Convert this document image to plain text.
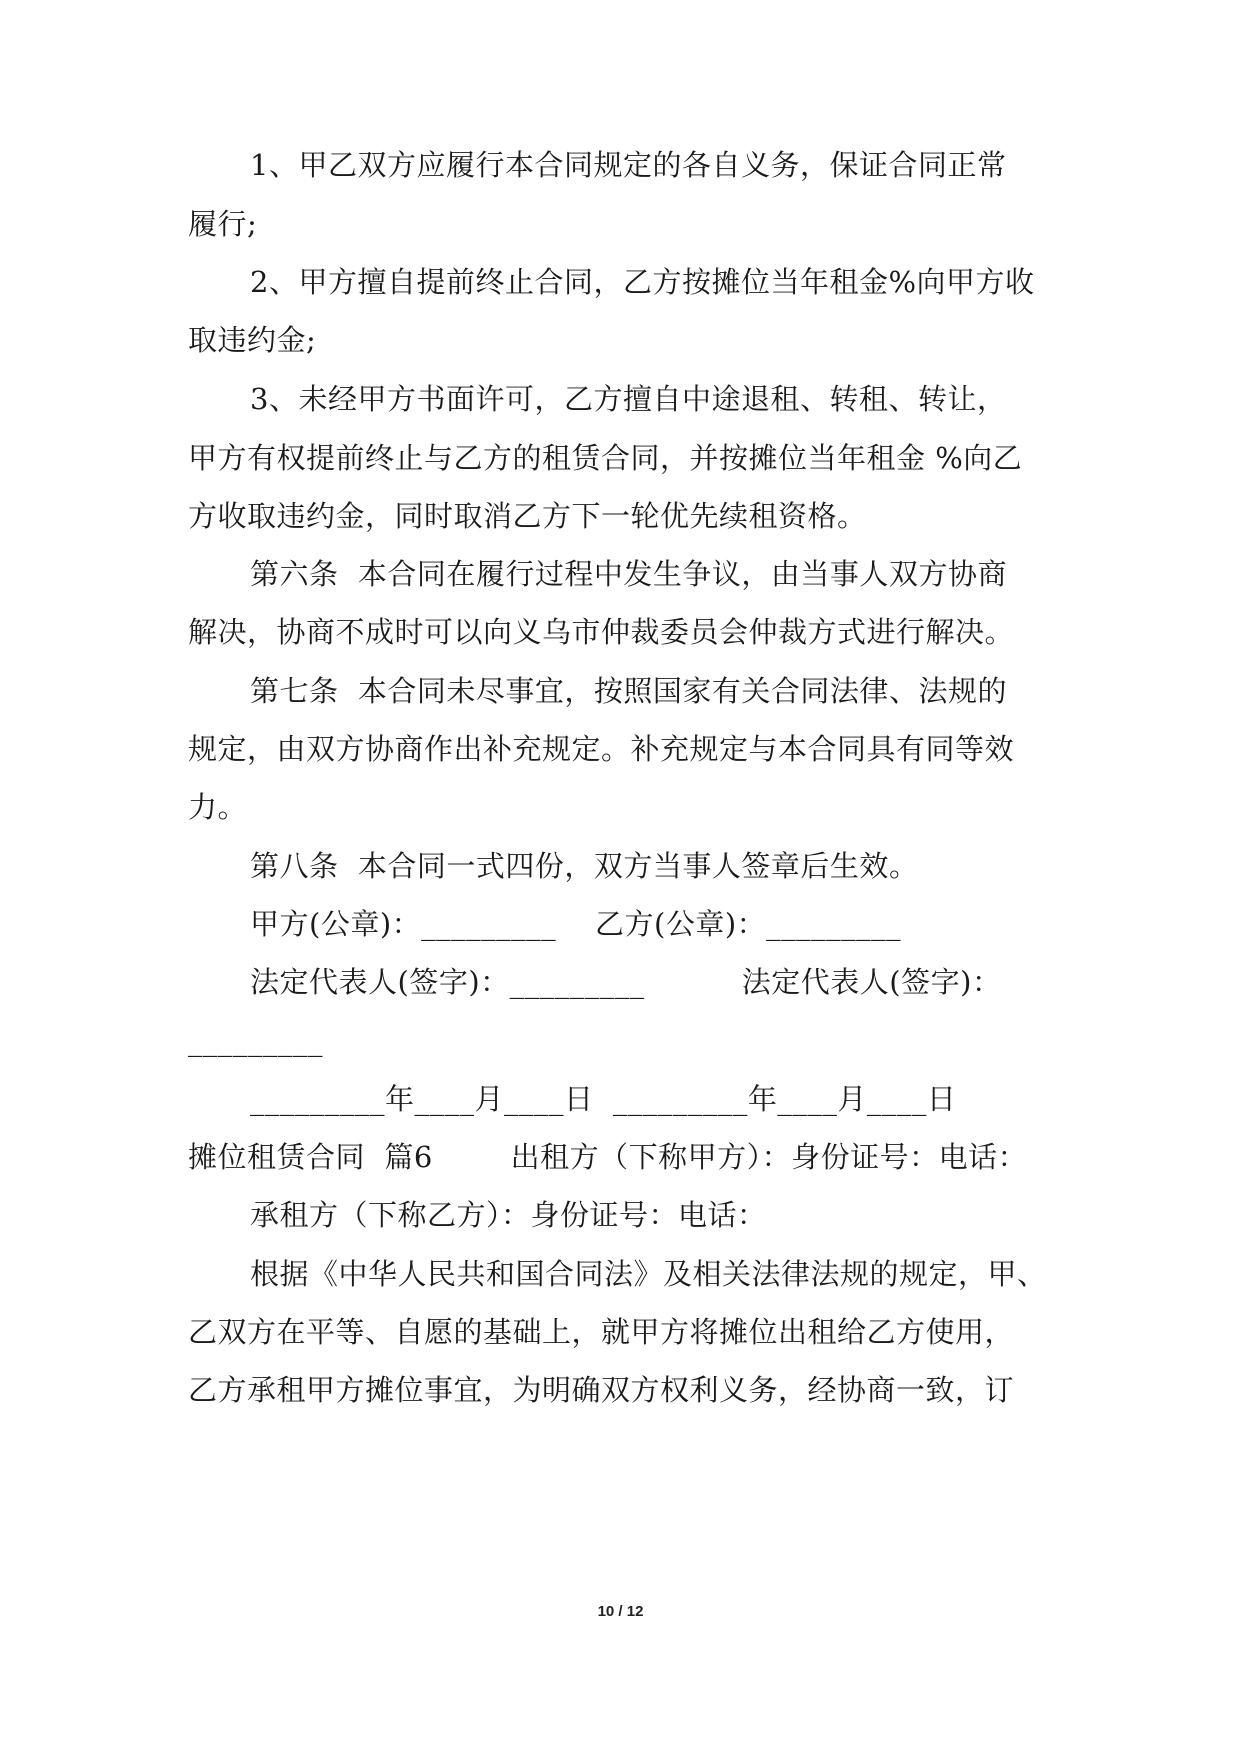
1、甲乙双方应履行本合同规定的各自义务，保证合同正常
履行;
2、甲方擅自提前终止合同，乙方按摊位当年租金%向甲方收
取违约金;
3、未经甲方书面许可，乙方擅自中途退租、转租、转让，
甲方有权提前终止与乙方的租赁合同，并按摊位当年租金 %向乙
方收取违约金，同时取消乙方下一轮优先续租资格。
第六条  本合同在履行过程中发生争议，由当事人双方协商
解决，协商不成时可以向义乌市仲裁委员会仲裁方式进行解决。
第七条  本合同未尽事宜，按照国家有关合同法律、法规的
规定，由双方协商作出补充规定。补充规定与本合同具有同等效
力。
第八条  本合同一式四份，双方当事人签章后生效。
甲方(公章)：_________    乙方(公章)：_________
法定代表人(签字)：_________          法定代表人(签字)：
_________
_________年____月____日  _________年____月____日
摊位租赁合同  篇6        出租方（下称甲方）：身份证号：电话：
承租方（下称乙方）：身份证号：电话：
根据《中华人民共和国合同法》及相关法律法规的规定，甲、
乙双方在平等、自愿的基础上，就甲方将摊位出租给乙方使用，
乙方承租甲方摊位事宜，为明确双方权利义务，经协商一致，订
10 / 12
